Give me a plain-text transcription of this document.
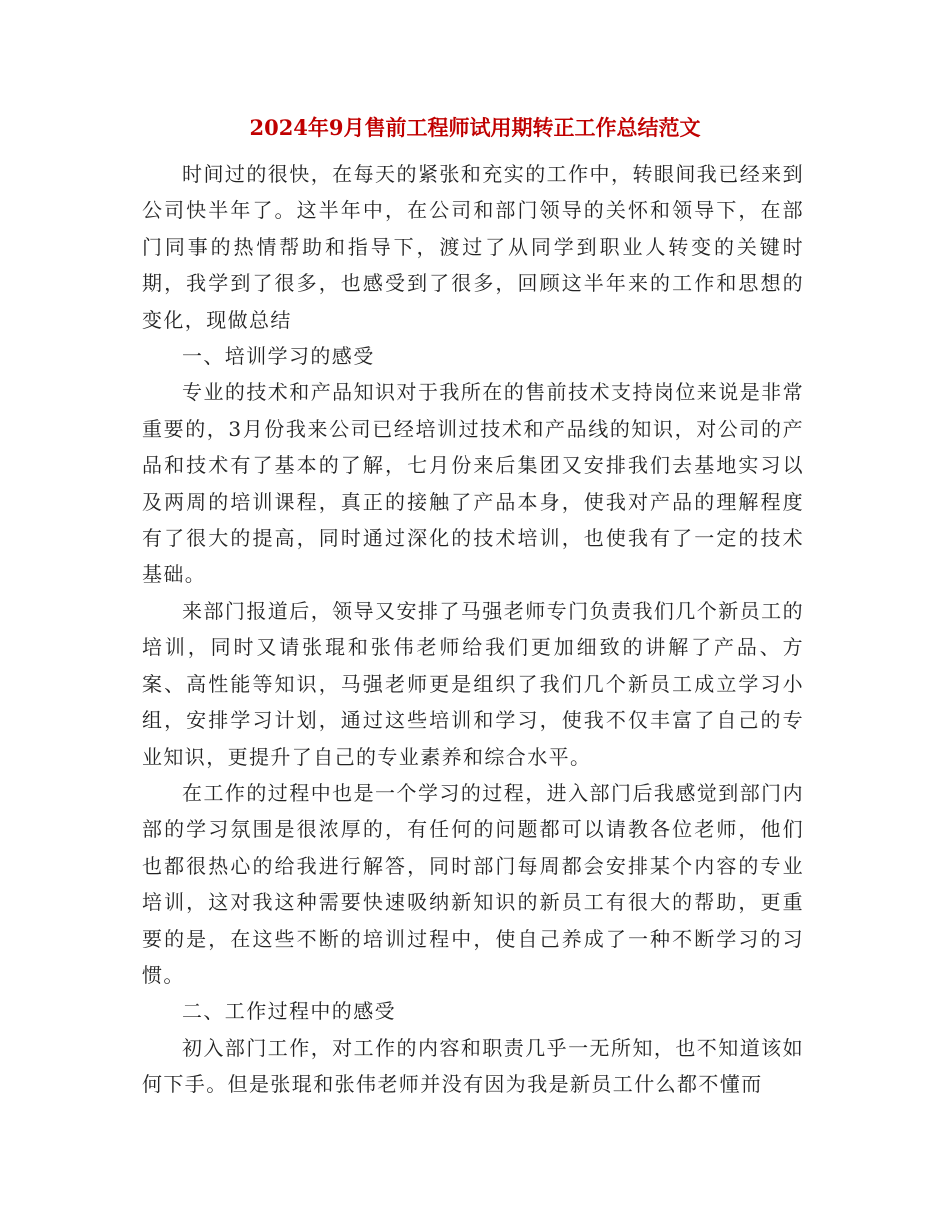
2024年9月售前工程师试用期转正工作总结范文

时间过的很快，在每天的紧张和充实的工作中，转眼间我已经来到公司快半年了。这半年中，在公司和部门领导的关怀和领导下，在部门同事的热情帮助和指导下，渡过了从同学到职业人转变的关键时期，我学到了很多，也感受到了很多，回顾这半年来的工作和思想的变化，现做总结

一、培训学习的感受

专业的技术和产品知识对于我所在的售前技术支持岗位来说是非常重要的，3月份我来公司已经培训过技术和产品线的知识，对公司的产品和技术有了基本的了解，七月份来后集团又安排我们去基地实习以及两周的培训课程，真正的接触了产品本身，使我对产品的理解程度有了很大的提高，同时通过深化的技术培训，也使我有了一定的技术基础。

来部门报道后，领导又安排了马强老师专门负责我们几个新员工的培训，同时又请张琨和张伟老师给我们更加细致的讲解了产品、方案、高性能等知识，马强老师更是组织了我们几个新员工成立学习小组，安排学习计划，通过这些培训和学习，使我不仅丰富了自己的专业知识，更提升了自己的专业素养和综合水平。

在工作的过程中也是一个学习的过程，进入部门后我感觉到部门内部的学习氛围是很浓厚的，有任何的问题都可以请教各位老师，他们也都很热心的给我进行解答，同时部门每周都会安排某个内容的专业培训，这对我这种需要快速吸纳新知识的新员工有很大的帮助，更重要的是，在这些不断的培训过程中，使自己养成了一种不断学习的习惯。

二、工作过程中的感受

初入部门工作，对工作的内容和职责几乎一无所知，也不知道该如何下手。但是张琨和张伟老师并没有因为我是新员工什么都不懂而
